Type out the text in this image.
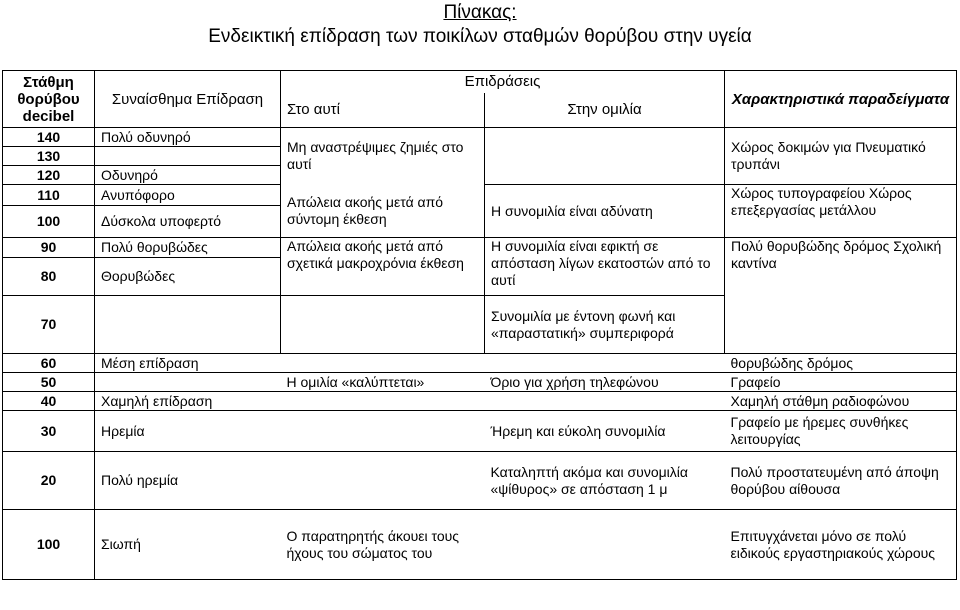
Πίνακας:
Ενδεικτική επίδραση των ποικίλων σταθμών θορύβου στην υγεία
Στάθμη θορύβου decibel	Συναίσθημα Επίδραση	Επιδράσεις		Χαρακτηριστικά παραδείγματα
		Στο αυτί	Στην ομιλία	
140	Πολύ οδυνηρό	Μη αναστρέψιμες ζημιές στο αυτί		Χώρος δοκιμών για Πνευματικό τρυπάνι
130				
120	Οδυνηρό			
110	Ανυπόφορο	Απώλεια ακοής μετά από σύντομη έκθεση	Η συνομιλία είναι αδύνατη	Χώρος τυπογραφείου Χώρος επεξεργασίας μετάλλου
100	Δύσκολα υποφερτό			
90	Πολύ θορυβώδες	Απώλεια ακοής μετά από σχετικά μακροχρόνια έκθεση	Η συνομιλία είναι εφικτή σε απόσταση λίγων εκατοστών από το αυτί	Πολύ θορυβώδης δρόμος Σχολική καντίνα
80	Θορυβώδες			
70			Συνομιλία με έντονη φωνή και «παραστατική» συμπεριφορά	
60	Μέση επίδραση			θορυβώδης δρόμος
50		Η ομιλία «καλύπτεται»	Όριο για χρήση τηλεφώνου	Γραφείο
40	Χαμηλή επίδραση			Χαμηλή στάθμη ραδιοφώνου
30	Ηρεμία		Ήρεμη και εύκολη συνομιλία	Γραφείο με ήρεμες συνθήκες λειτουργίας
20	Πολύ ηρεμία		Καταληπτή ακόμα και συνομιλία «ψίθυρος» σε απόσταση 1 μ	Πολύ προστατευμένη από άποψη θορύβου αίθουσα
100	Σιωπή	Ο παρατηρητής άκουει τους ήχους του σώματος του		Επιτυγχάνεται μόνο σε πολύ ειδικούς εργαστηριακούς χώρους
